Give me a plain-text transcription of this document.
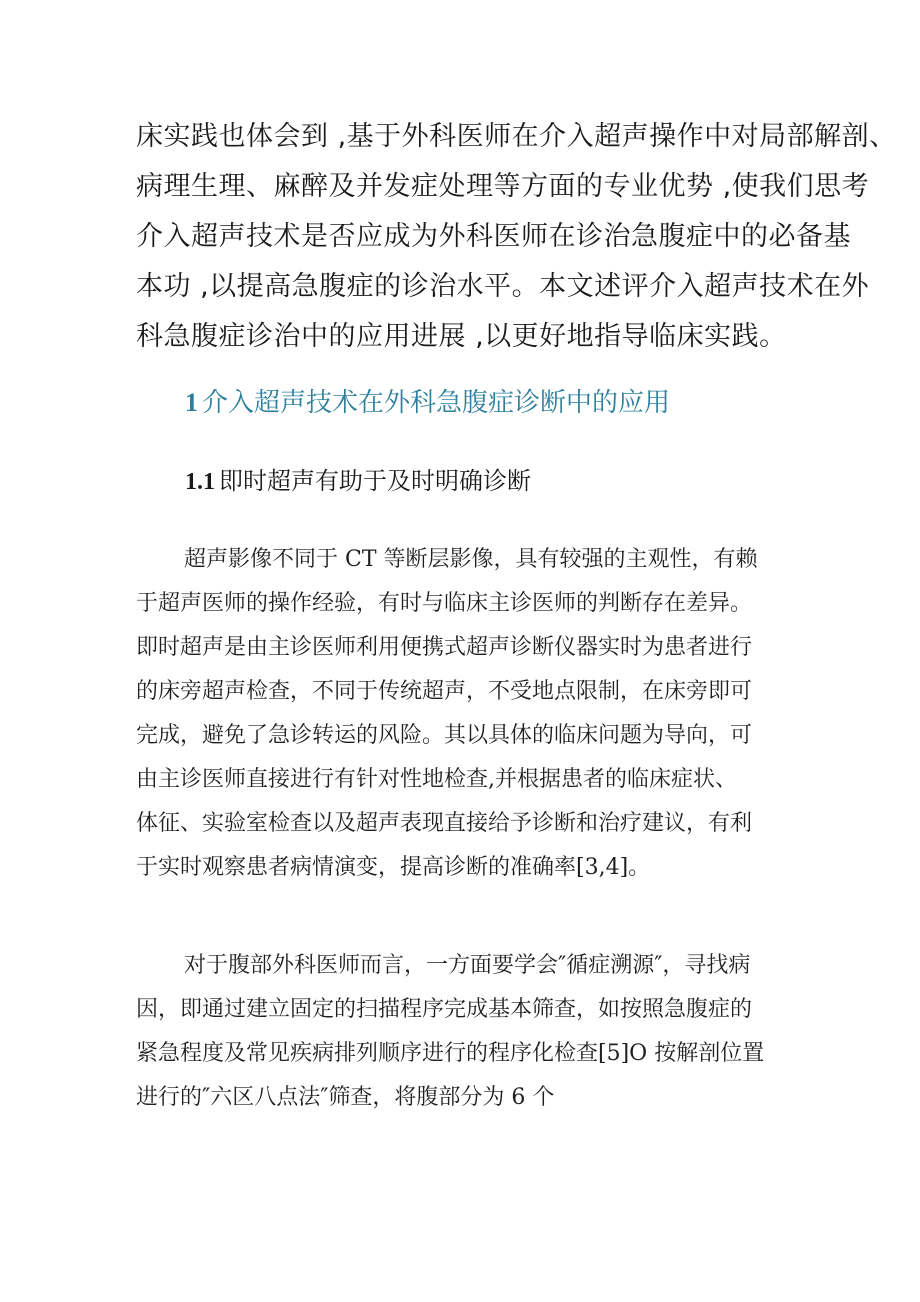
床实践也体会到 ,基于外科医师在介入超声操作中对局部解剖、
病理生理、麻醉及并发症处理等方面的专业优势 ,使我们思考
介入超声技术是否应成为外科医师在诊治急腹症中的必备基
本功 ,以提高急腹症的诊治水平。本文述评介入超声技术在外
科急腹症诊治中的应用进展 ,以更好地指导临床实践。
1 介入超声技术在外科急腹症诊断中的应用
1.1 即时超声有助于及时明确诊断
超声影像不同于 CT 等断层影像，具有较强的主观性，有赖
于超声医师的操作经验，有时与临床主诊医师的判断存在差异。
即时超声是由主诊医师利用便携式超声诊断仪器实时为患者进行
的床旁超声检查，不同于传统超声，不受地点限制，在床旁即可
完成，避免了急诊转运的风险。其以具体的临床问题为导向，可
由主诊医师直接进行有针对性地检查,并根据患者的临床症状、
体征、实验室检查以及超声表现直接给予诊断和治疗建议，有利
于实时观察患者病情演变，提高诊断的准确率[3,4]。
对于腹部外科医师而言，一方面要学会″循症溯源″，寻找病
因，即通过建立固定的扫描程序完成基本筛查，如按照急腹症的
紧急程度及常见疾病排列顺序进行的程序化检查[5]O 按解剖位置
进行的″六区八点法″筛查，将腹部分为 6 个
